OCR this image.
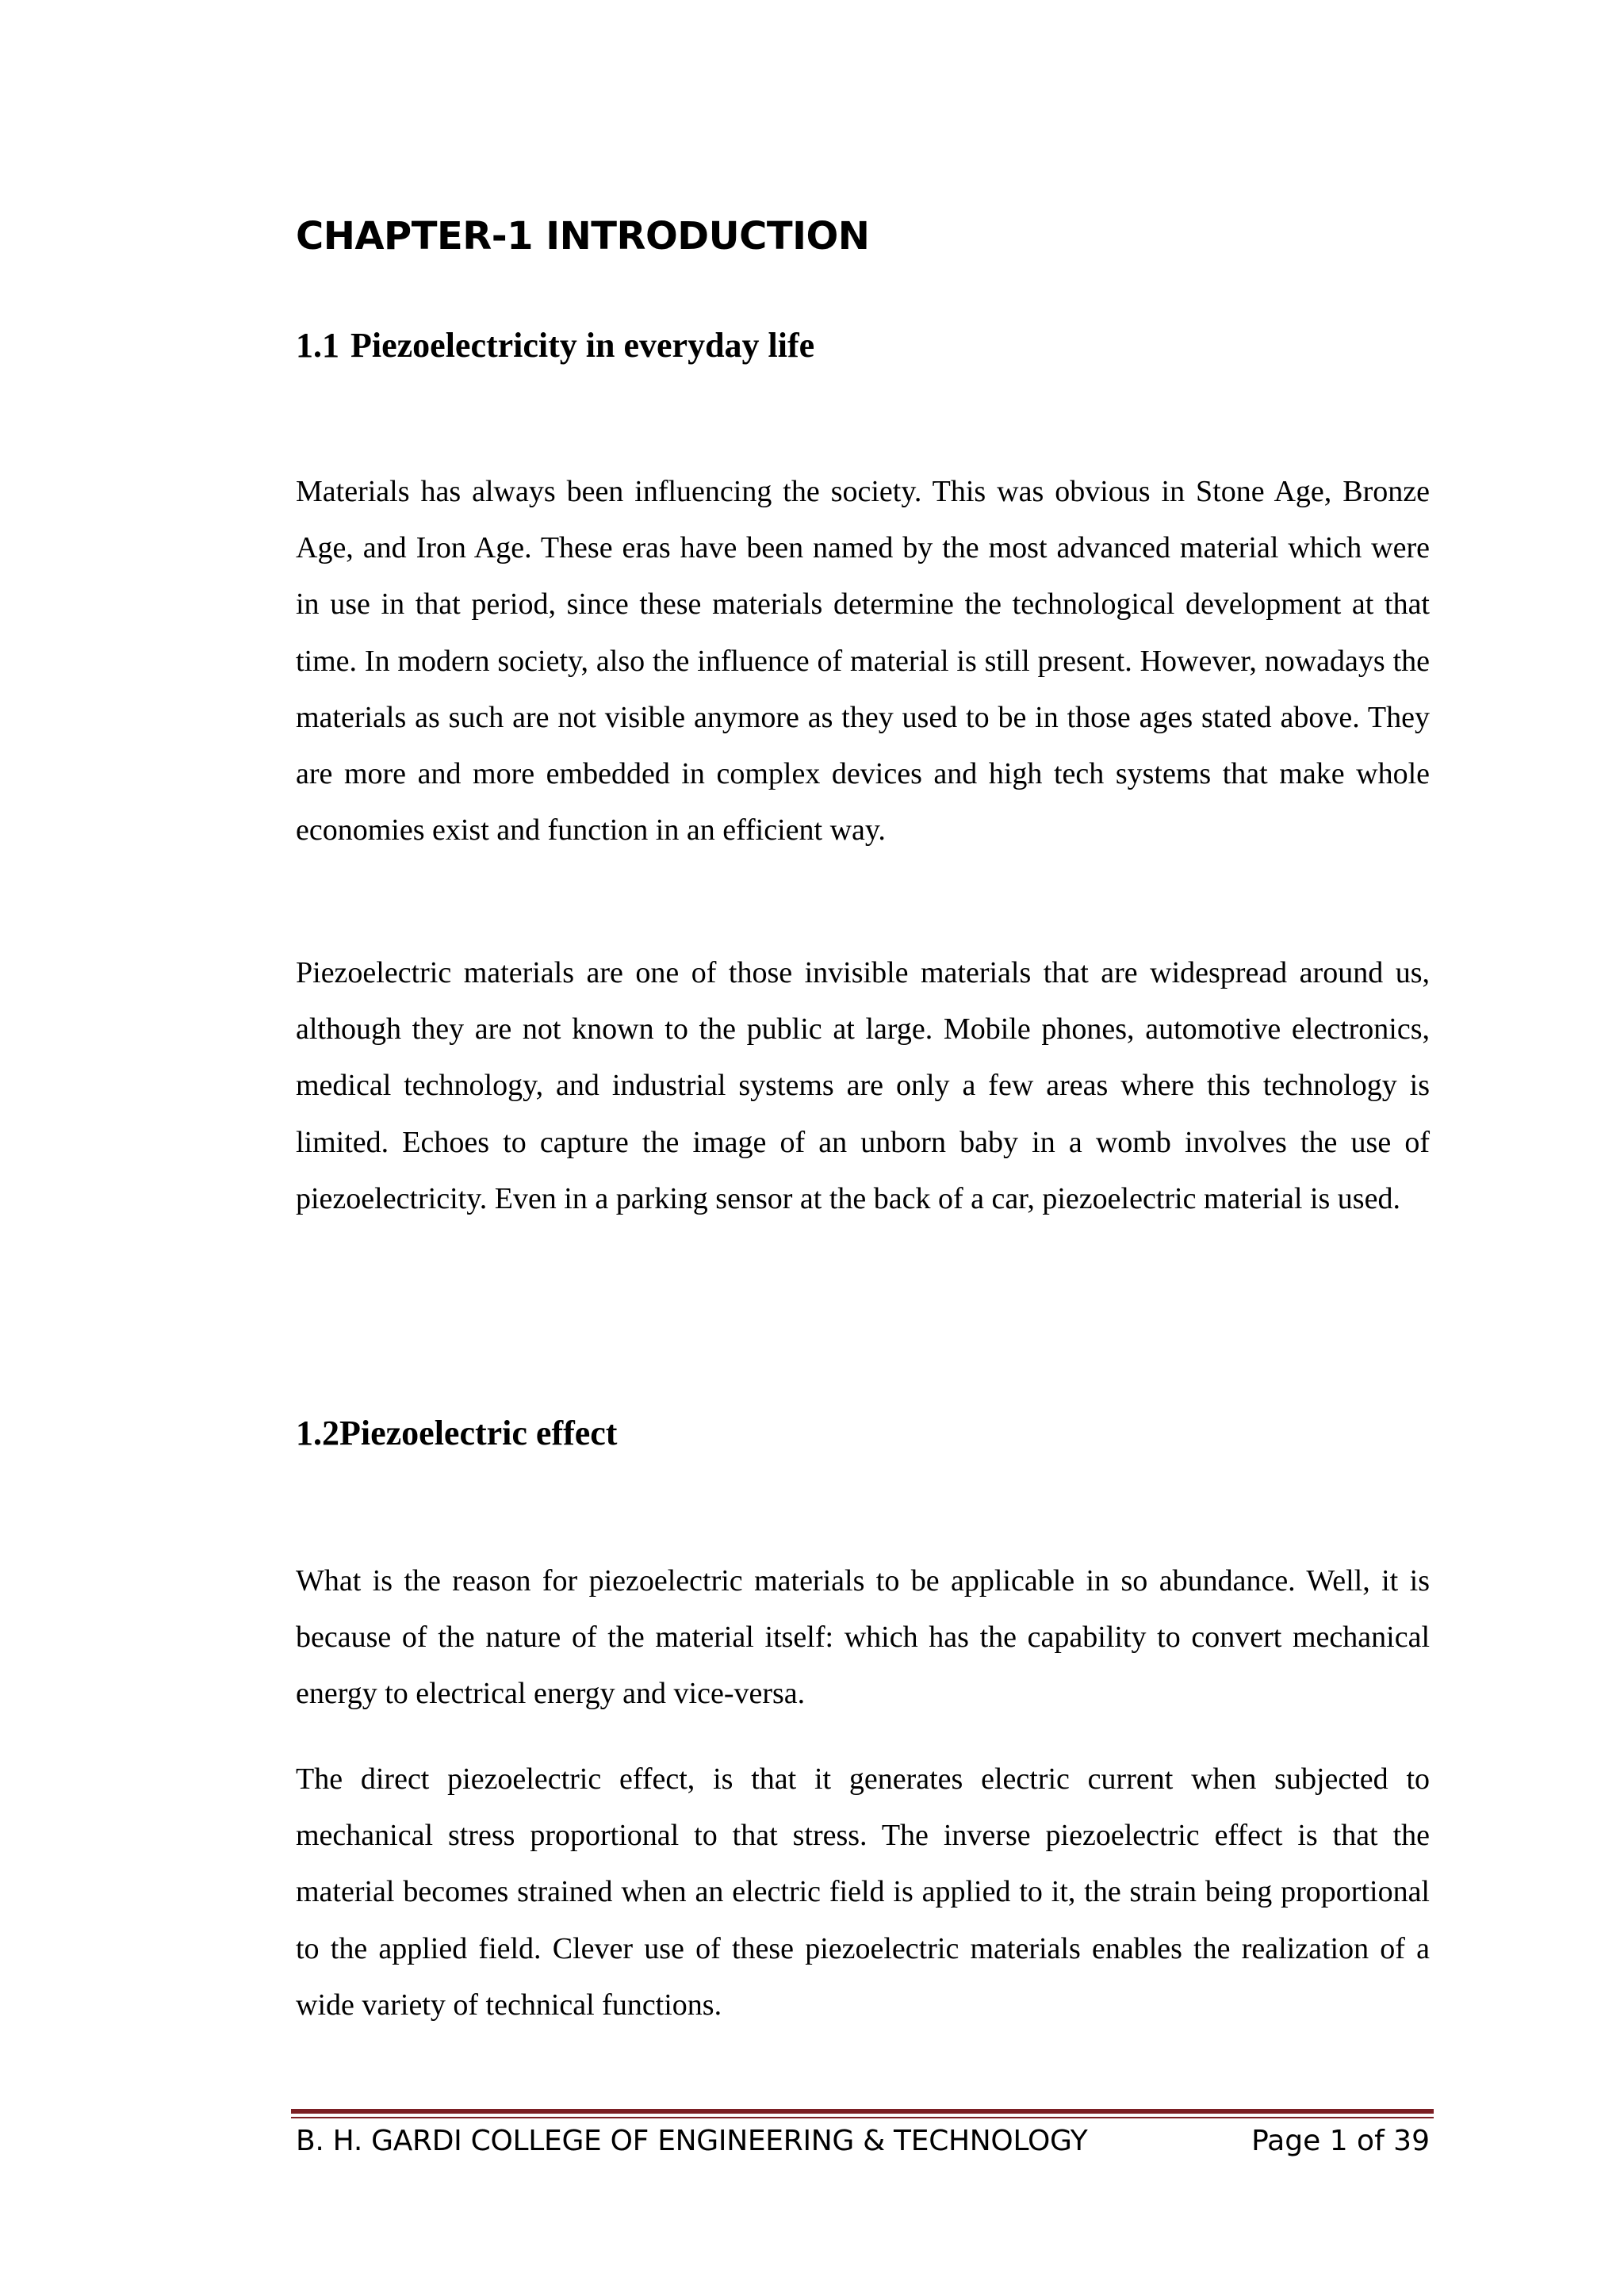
CHAPTER-1 INTRODUCTION
1.1 Piezoelectricity in everyday life

Materials has always been influencing the society. This was obvious in Stone Age, Bronze Age, and Iron Age. These eras have been named by the most advanced material which were in use in that period, since these materials determine the technological development at that time. In modern society, also the influence of material is still present. However, nowadays the materials as such are not visible anymore as they used to be in those ages stated above. They are more and more embedded in complex devices and high tech systems that make whole economies exist and function in an efficient way.

Piezoelectric materials are one of those invisible materials that are widespread around us, although they are not known to the public at large. Mobile phones, automotive electronics, medical technology, and industrial systems are only a few areas where this technology is limited. Echoes to capture the image of an unborn baby in a womb involves the use of piezoelectricity. Even in a parking sensor at the back of a car, piezoelectric material is used.

1.2Piezoelectric effect

What is the reason for piezoelectric materials to be applicable in so abundance. Well, it is because of the nature of the material itself: which has the capability to convert mechanical energy to electrical energy and vice-versa.

The direct piezoelectric effect, is that it generates electric current when subjected to mechanical stress proportional to that stress. The inverse piezoelectric effect is that the material becomes strained when an electric field is applied to it, the strain being proportional to the applied field. Clever use of these piezoelectric materials enables the realization of a wide variety of technical functions.

B. H. GARDI COLLEGE OF ENGINEERING & TECHNOLOGY	Page 1 of 39
